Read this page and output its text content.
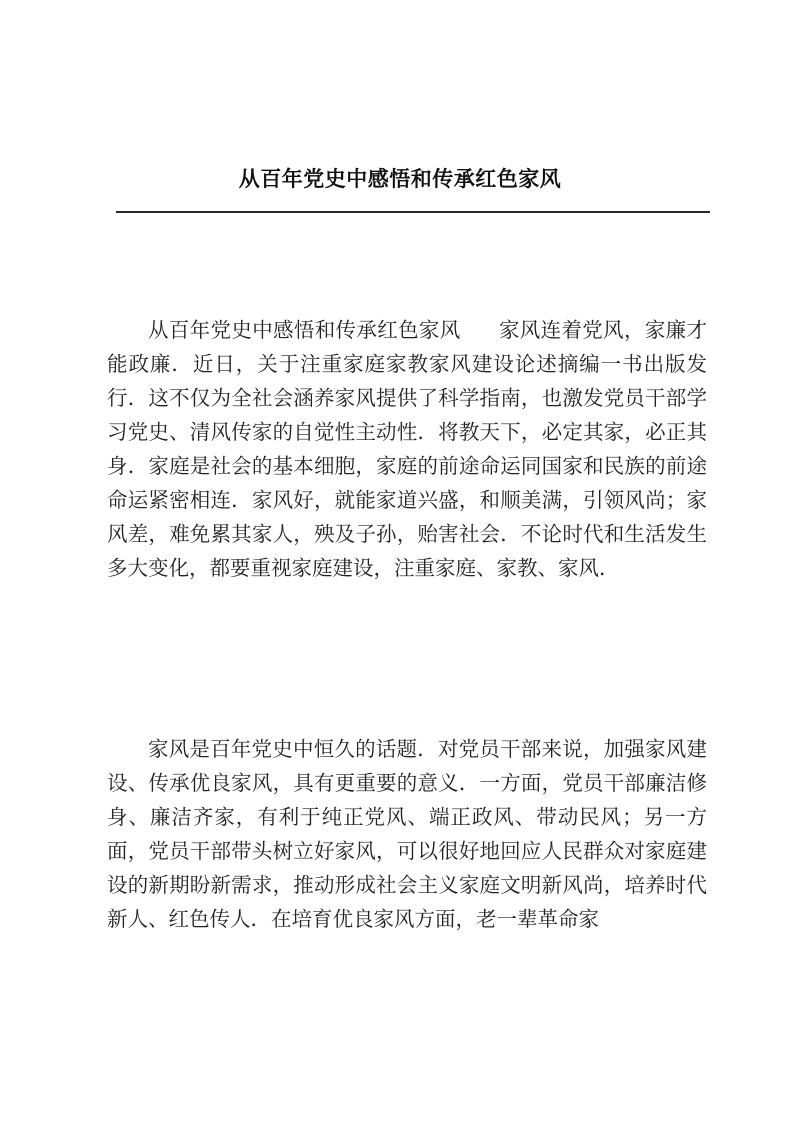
从百年党史中感悟和传承红色家风

从百年党史中感悟和传承红色家风 家风连着党风，家廉才能政廉．近日，关于注重家庭家教家风建设论述摘编一书出版发行．这不仅为全社会涵养家风提供了科学指南，也激发党员干部学习党史、清风传家的自觉性主动性．将教天下，必定其家，必正其身．家庭是社会的基本细胞，家庭的前途命运同国家和民族的前途命运紧密相连．家风好，就能家道兴盛，和顺美满，引领风尚；家风差，难免累其家人，殃及子孙，贻害社会．不论时代和生活发生多大变化，都要重视家庭建设，注重家庭、家教、家风．

家风是百年党史中恒久的话题．对党员干部来说，加强家风建设、传承优良家风，具有更重要的意义．一方面，党员干部廉洁修身、廉洁齐家，有利于纯正党风、端正政风、带动民风；另一方面，党员干部带头树立好家风，可以很好地回应人民群众对家庭建设的新期盼新需求，推动形成社会主义家庭文明新风尚，培养时代新人、红色传人．在培育优良家风方面，老一辈革命家
